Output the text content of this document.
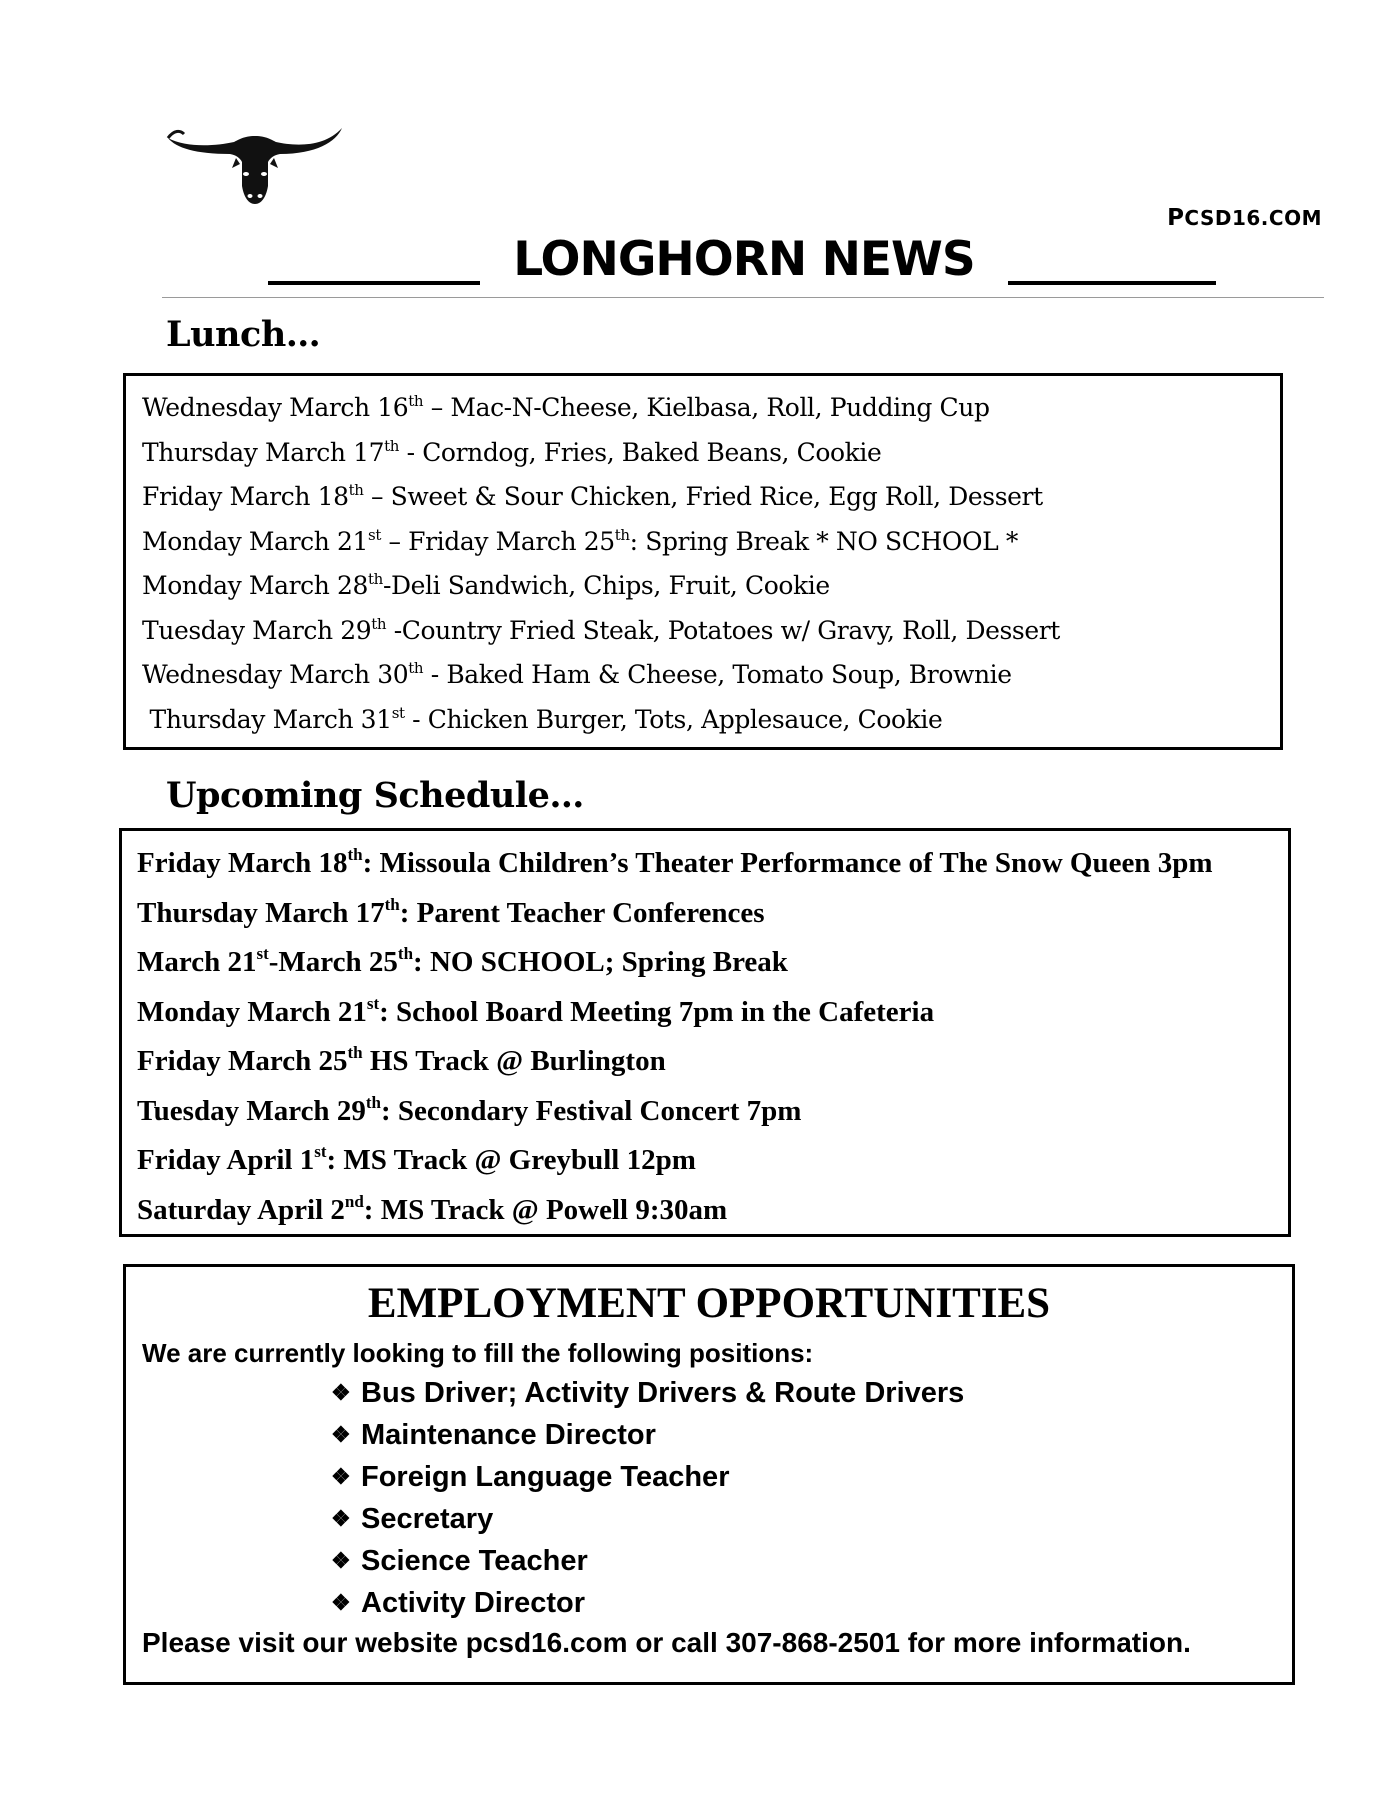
PCSD16.COM
LONGHORN NEWS
Lunch…
Wednesday March 16th – Mac-N-Cheese, Kielbasa, Roll, Pudding Cup
Thursday March 17th - Corndog, Fries, Baked Beans, Cookie
Friday March 18th – Sweet & Sour Chicken, Fried Rice, Egg Roll, Dessert
Monday March 21st – Friday March 25th: Spring Break * NO SCHOOL *
Monday March 28th-Deli Sandwich, Chips, Fruit, Cookie
Tuesday March 29th -Country Fried Steak, Potatoes w/ Gravy, Roll, Dessert
Wednesday March 30th - Baked Ham & Cheese, Tomato Soup, Brownie
Thursday March 31st - Chicken Burger, Tots, Applesauce, Cookie
Upcoming Schedule…
Friday March 18th: Missoula Children’s Theater Performance of The Snow Queen 3pm
Thursday March 17th: Parent Teacher Conferences
March 21st-March 25th: NO SCHOOL; Spring Break
Monday March 21st: School Board Meeting 7pm in the Cafeteria
Friday March 25th HS Track @ Burlington
Tuesday March 29th: Secondary Festival Concert 7pm
Friday April 1st: MS Track @ Greybull 12pm
Saturday April 2nd: MS Track @ Powell 9:30am
EMPLOYMENT OPPORTUNITIES
We are currently looking to fill the following positions:
❖ Bus Driver; Activity Drivers & Route Drivers
❖ Maintenance Director
❖ Foreign Language Teacher
❖ Secretary
❖ Science Teacher
❖ Activity Director
Please visit our website pcsd16.com or call 307-868-2501 for more information.
